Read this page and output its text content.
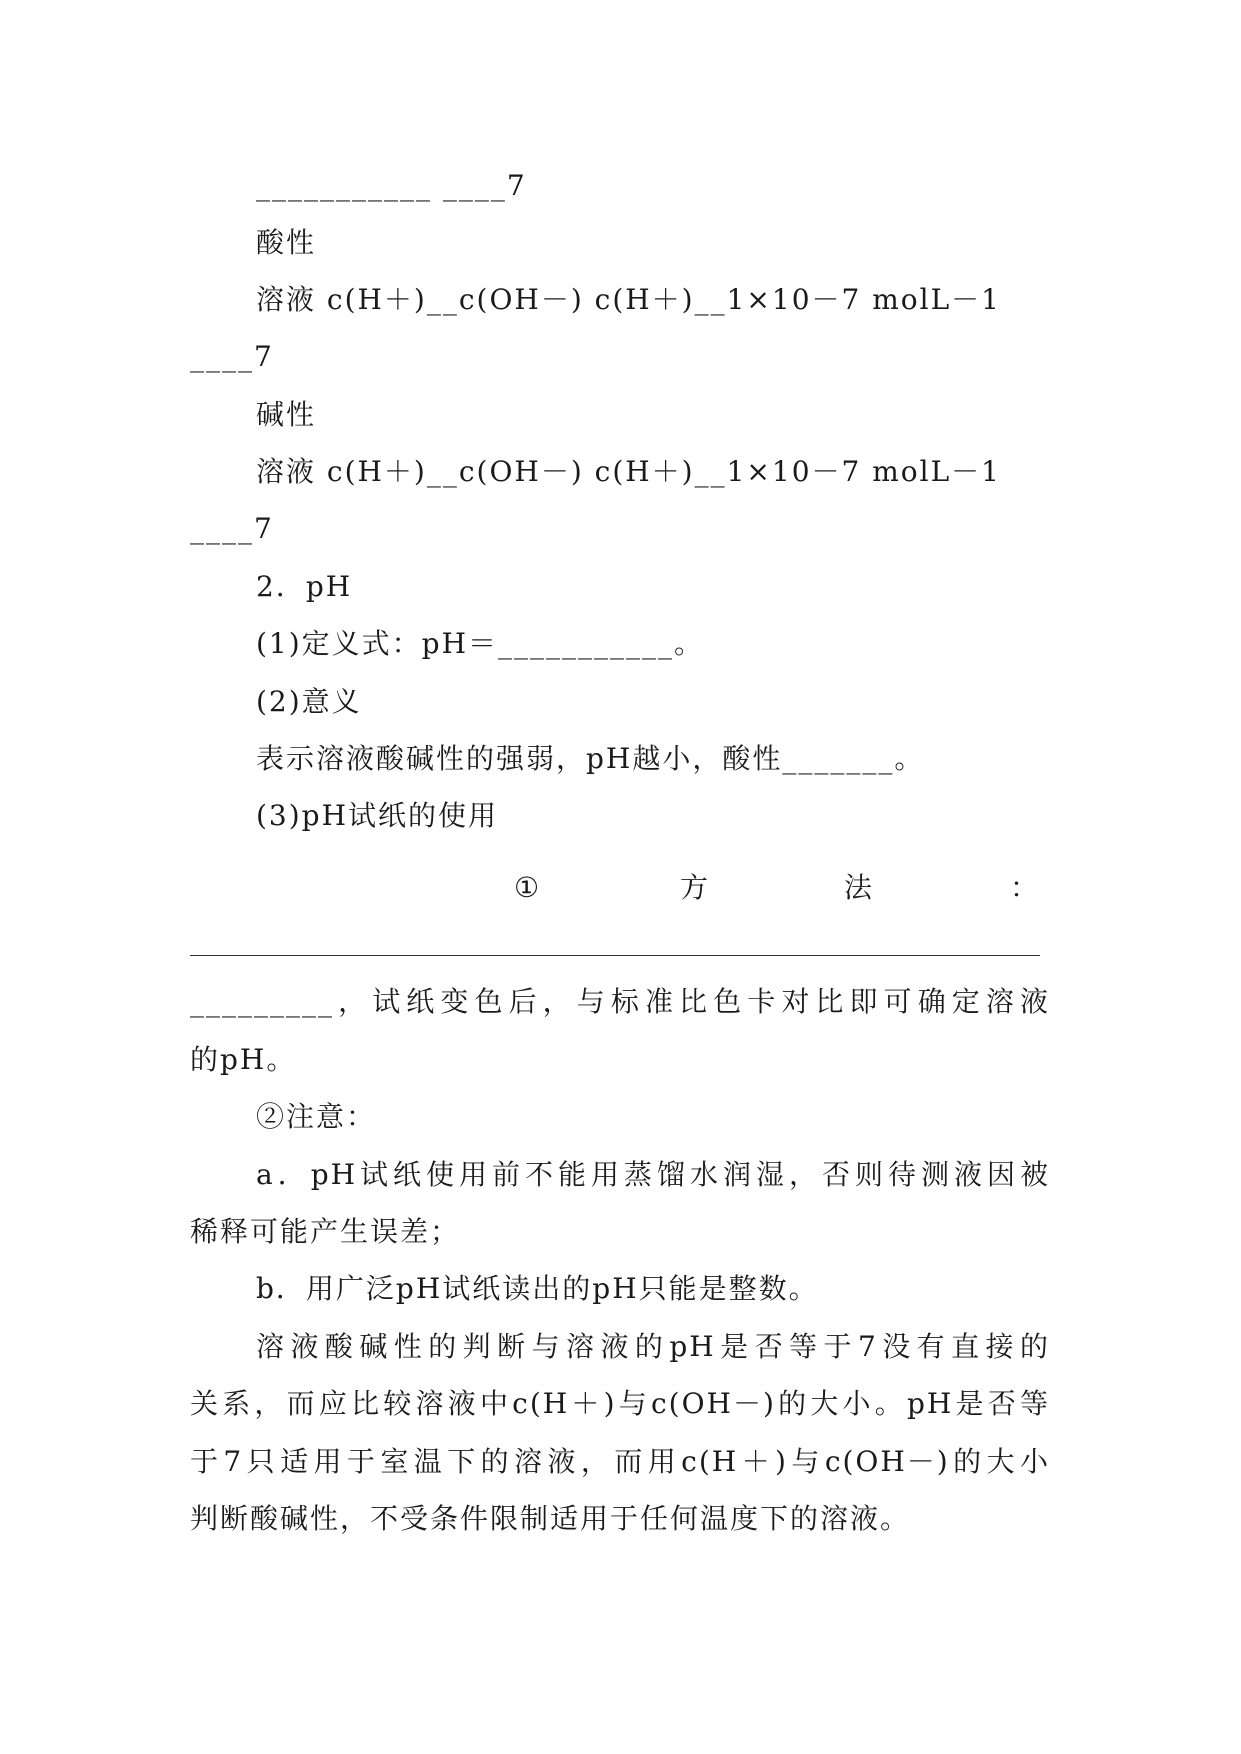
___________ ____7
酸性
溶液 c(H＋)__c(OH－) c(H＋)__1×10－7 molL－1
____7
碱性
溶液 c(H＋)__c(OH－) c(H＋)__1×10－7 molL－1
____7
2．pH
(1)定义式：pH＝___________。
(2)意义
表示溶液酸碱性的强弱，pH越小，酸性_______。
(3)pH试纸的使用
①	方	法	：
_________，试纸变色后，与标准比色卡对比即可确定溶液
的pH。
②注意：
a．pH试纸使用前不能用蒸馏水润湿，否则待测液因被
稀释可能产生误差；
b．用广泛pH试纸读出的pH只能是整数。
溶液酸碱性的判断与溶液的pH是否等于7没有直接的
关系，而应比较溶液中c(H＋)与c(OH－)的大小。pH是否等
于7只适用于室温下的溶液，而用c(H＋)与c(OH－)的大小
判断酸碱性，不受条件限制适用于任何温度下的溶液。
